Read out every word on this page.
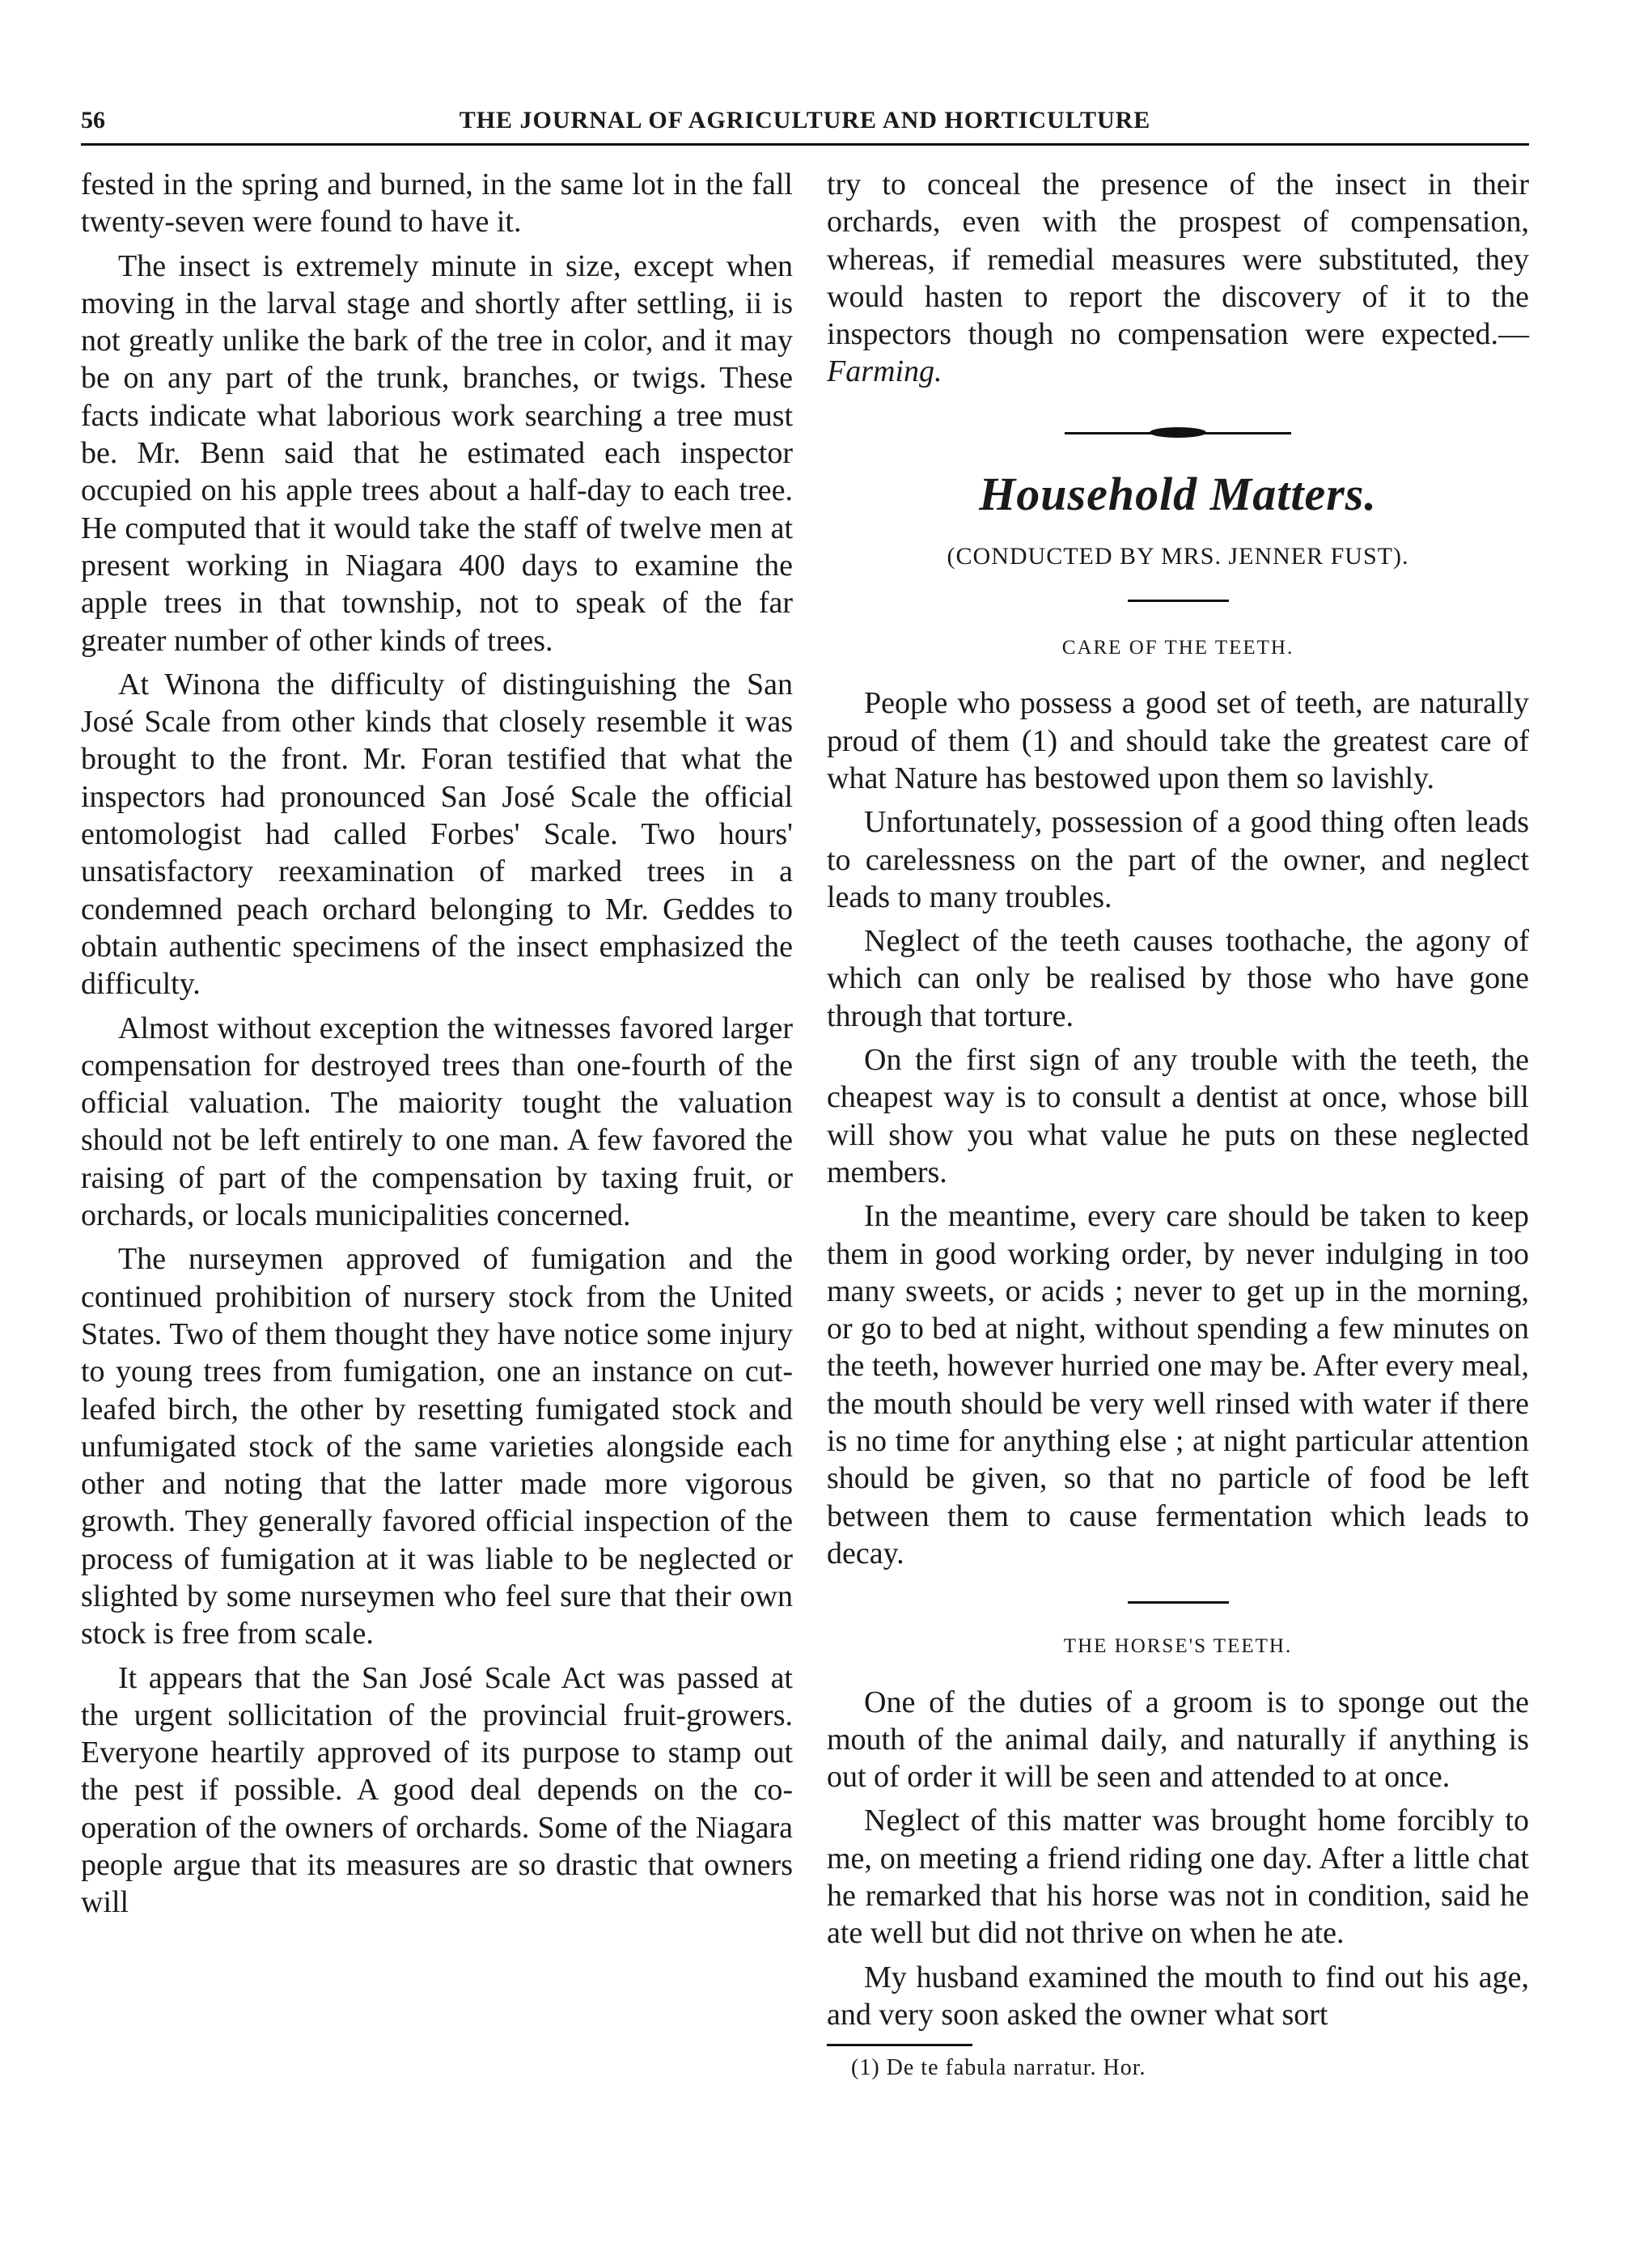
56	THE JOURNAL OF AGRICULTURE AND HORTICULTURE

fested in the spring and burned, in the same lot in the fall twenty-seven were found to have it.

The insect is extremely minute in size, except when moving in the larval stage and shortly after settling, ii is not greatly unlike the bark of the tree in color, and it may be on any part of the trunk, branches, or twigs. These facts indicate what laborious work searching a tree must be. Mr. Benn said that he estimated each inspector occupied on his apple trees about a half-day to each tree. He computed that it would take the staff of twelve men at present working in Niagara 400 days to examine the apple trees in that township, not to speak of the far greater number of other kinds of trees.

At Winona the difficulty of distinguishing the San José Scale from other kinds that closely resemble it was brought to the front. Mr. Foran testified that what the inspectors had pronounced San José Scale the official entomologist had called Forbes' Scale. Two hours' unsatisfactory reexamination of marked trees in a condemned peach orchard belonging to Mr. Geddes to obtain authentic specimens of the insect emphasized the difficulty.

Almost without exception the witnesses favored larger compensation for destroyed trees than one-fourth of the official valuation. The maiority tought the valuation should not be left entirely to one man. A few favored the raising of part of the compensation by taxing fruit, or orchards, or locals municipalities concerned.

The nurseymen approved of fumigation and the continued prohibition of nursery stock from the United States. Two of them thought they have notice some injury to young trees from fumigation, one an instance on cut-leafed birch, the other by resetting fumigated stock and unfumigated stock of the same varieties alongside each other and noting that the latter made more vigorous growth. They generally favored official inspection of the process of fumigation at it was liable to be neglected or slighted by some nurseymen who feel sure that their own stock is free from scale.

It appears that the San José Scale Act was passed at the urgent sollicitation of the provincial fruit-growers. Everyone heartily approved of its purpose to stamp out the pest if possible. A good deal depends on the co-operation of the owners of orchards. Some of the Niagara people argue that its measures are so drastic that owners will

try to conceal the presence of the insect in their orchards, even with the prospest of compensation, whereas, if remedial measures were substituted, they would hasten to report the discovery of it to the inspectors though no compensation were expected.—Farming.

Household Matters.
(CONDUCTED BY MRS. JENNER FUST).
CARE OF THE TEETH.

People who possess a good set of teeth, are naturally proud of them (1) and should take the greatest care of what Nature has bestowed upon them so lavishly.

Unfortunately, possession of a good thing often leads to carelessness on the part of the owner, and neglect leads to many troubles.

Neglect of the teeth causes toothache, the agony of which can only be realised by those who have gone through that torture.

On the first sign of any trouble with the teeth, the cheapest way is to consult a dentist at once, whose bill will show you what value he puts on these neglected members.

In the meantime, every care should be taken to keep them in good working order, by never indulging in too many sweets, or acids ; never to get up in the morning, or go to bed at night, without spending a few minutes on the teeth, however hurried one may be. After every meal, the mouth should be very well rinsed with water if there is no time for anything else ; at night particular attention should be given, so that no particle of food be left between them to cause fermentation which leads to decay.

THE HORSE'S TEETH.

One of the duties of a groom is to sponge out the mouth of the animal daily, and naturally if anything is out of order it will be seen and attended to at once.

Neglect of this matter was brought home forcibly to me, on meeting a friend riding one day. After a little chat he remarked that his horse was not in condition, said he ate well but did not thrive on when he ate.

My husband examined the mouth to find out his age, and very soon asked the owner what sort

(1) De te fabula narratur. Hor.
